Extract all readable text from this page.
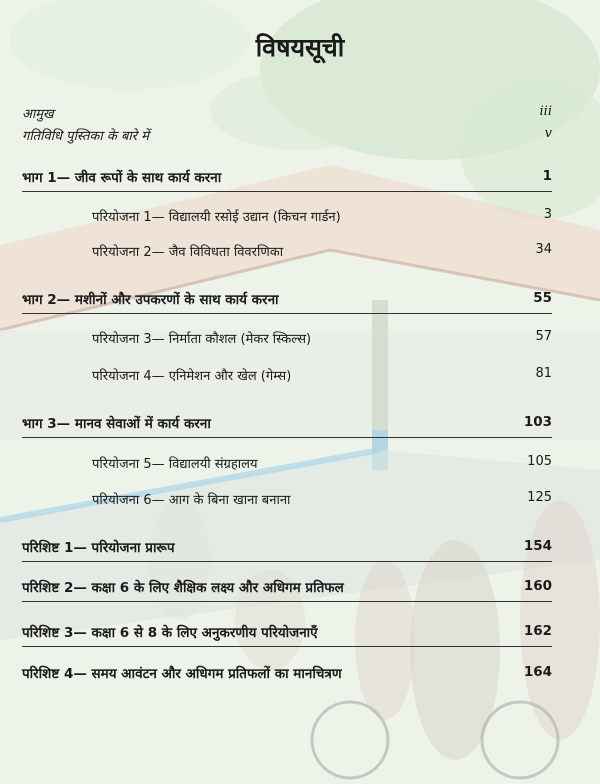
विषयसूची
आमुख	iii
गतिविधि पुस्तिका के बारे में	v
भाग 1— जीव रूपों के साथ कार्य करना	1
परियोजना 1— विद्यालयी रसोई उद्यान (किचन गार्डन)	3
परियोजना 2— जैव विविधता विवरणिका	34
भाग 2— मशीनों और उपकरणों के साथ कार्य करना	55
परियोजना 3— निर्माता कौशल (मेकर स्किल्स)	57
परियोजना 4— एनिमेशन और खेल (गेम्स)	81
भाग 3— मानव सेवाओं में कार्य करना	103
परियोजना 5— विद्यालयी संग्रहालय	105
परियोजना 6— आग के बिना खाना बनाना	125
परिशिष्ट 1— परियोजना प्रारूप	154
परिशिष्ट 2— कक्षा 6 के लिए शैक्षिक लक्ष्य और अधिगम प्रतिफल	160
परिशिष्ट 3— कक्षा 6 से 8 के लिए अनुकरणीय परियोजनाएँ	162
परिशिष्ट 4— समय आवंटन और अधिगम प्रतिफलों का मानचित्रण	164
